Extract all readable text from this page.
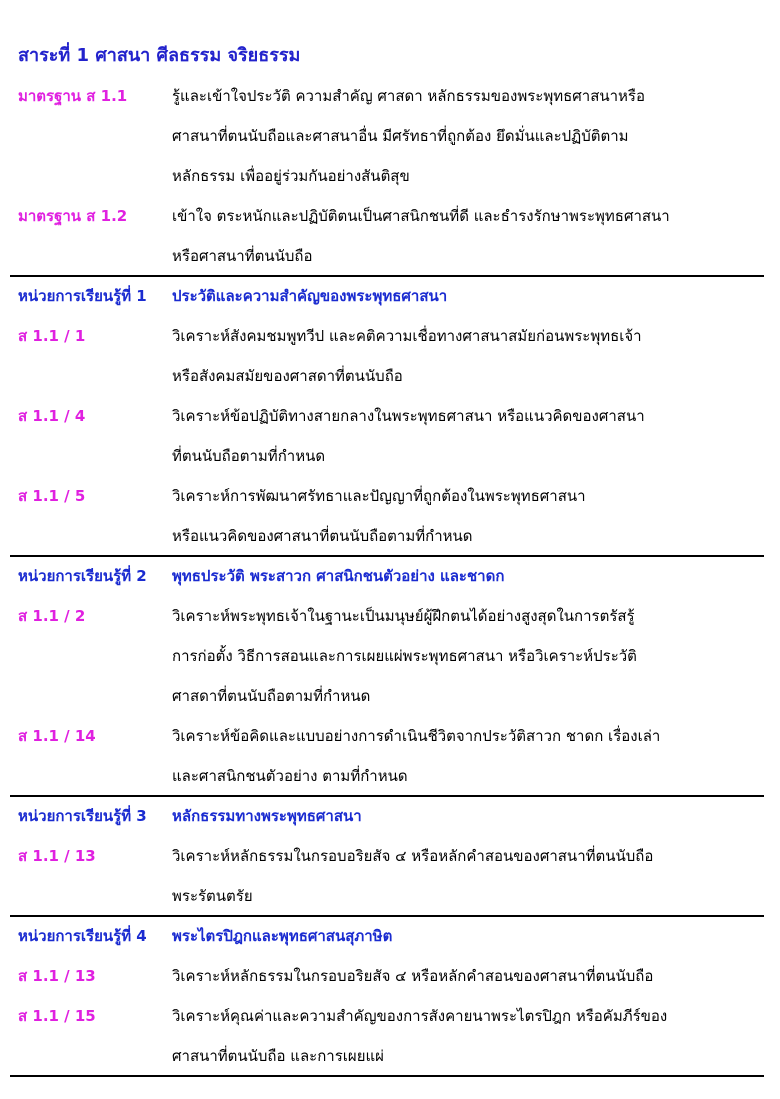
สาระที่ 1 ศาสนา ศีลธรรม จริยธรรม
มาตรฐาน ส 1.1	รู้และเข้าใจประวัติ ความสำคัญ ศาสดา หลักธรรมของพระพุทธศาสนาหรือ
ศาสนาที่ตนนับถือและศาสนาอื่น มีศรัทธาที่ถูกต้อง ยึดมั่นและปฏิบัติตาม
หลักธรรม เพื่ออยู่ร่วมกันอย่างสันติสุข
มาตรฐาน ส 1.2	เข้าใจ ตระหนักและปฏิบัติตนเป็นศาสนิกชนที่ดี และธำรงรักษาพระพุทธศาสนา
หรือศาสนาที่ตนนับถือ
หน่วยการเรียนรู้ที่ 1 ประวัติและความสำคัญของพระพุทธศาสนา
ส 1.1 / 1	วิเคราะห์สังคมชมพูทวีป และคติความเชื่อทางศาสนาสมัยก่อนพระพุทธเจ้า
หรือสังคมสมัยของศาสดาที่ตนนับถือ
ส 1.1 / 4	วิเคราะห์ข้อปฏิบัติทางสายกลางในพระพุทธศาสนา หรือแนวคิดของศาสนา
ที่ตนนับถือตามที่กำหนด
ส 1.1 / 5	วิเคราะห์การพัฒนาศรัทธาและปัญญาที่ถูกต้องในพระพุทธศาสนา
หรือแนวคิดของศาสนาที่ตนนับถือตามที่กำหนด
หน่วยการเรียนรู้ที่ 2 พุทธประวัติ พระสาวก ศาสนิกชนตัวอย่าง และชาดก
ส 1.1 / 2	วิเคราะห์พระพุทธเจ้าในฐานะเป็นมนุษย์ผู้ฝึกตนได้อย่างสูงสุดในการตรัสรู้
การก่อตั้ง วิธีการสอนและการเผยแผ่พระพุทธศาสนา หรือวิเคราะห์ประวัติ
ศาสดาที่ตนนับถือตามที่กำหนด
ส 1.1 / 14	วิเคราะห์ข้อคิดและแบบอย่างการดำเนินชีวิตจากประวัติสาวก ชาดก เรื่องเล่า
และศาสนิกชนตัวอย่าง ตามที่กำหนด
หน่วยการเรียนรู้ที่ 3 หลักธรรมทางพระพุทธศาสนา
ส 1.1 / 13	วิเคราะห์หลักธรรมในกรอบอริยสัจ ๔ หรือหลักคำสอนของศาสนาที่ตนนับถือ
พระรัตนตรัย
หน่วยการเรียนรู้ที่ 4 พระไตรปิฎกและพุทธศาสนสุภาษิต
ส 1.1 / 13	วิเคราะห์หลักธรรมในกรอบอริยสัจ ๔ หรือหลักคำสอนของศาสนาที่ตนนับถือ
ส 1.1 / 15	วิเคราะห์คุณค่าและความสำคัญของการสังคายนาพระไตรปิฎก หรือคัมภีร์ของ
ศาสนาที่ตนนับถือ และการเผยแผ่
